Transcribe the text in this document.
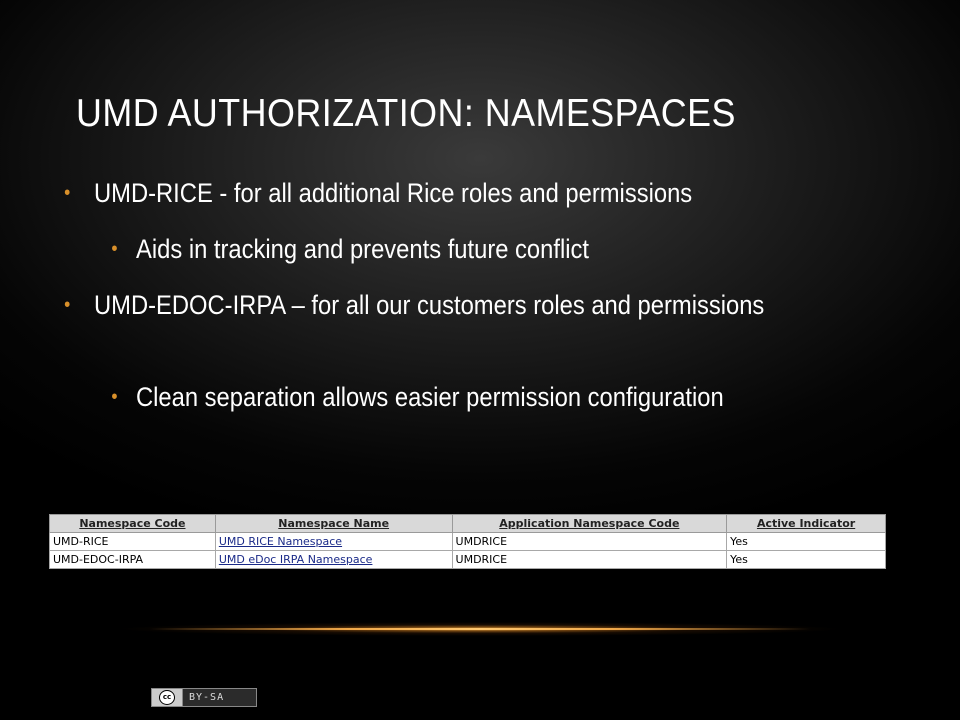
UMD AUTHORIZATION: NAMESPACES
• UMD-RICE - for all additional Rice roles and permissions
• Aids in tracking and prevents future conflict
• UMD-EDOC-IRPA – for all our customers roles and permissions
• Clean separation allows easier permission configuration
Namespace Code	Namespace Name	Application Namespace Code	Active Indicator
UMD-RICE	UMD RICE Namespace	UMDRICE	Yes
UMD-EDOC-IRPA	UMD eDoc IRPA Namespace	UMDRICE	Yes
cc	BY-SA
